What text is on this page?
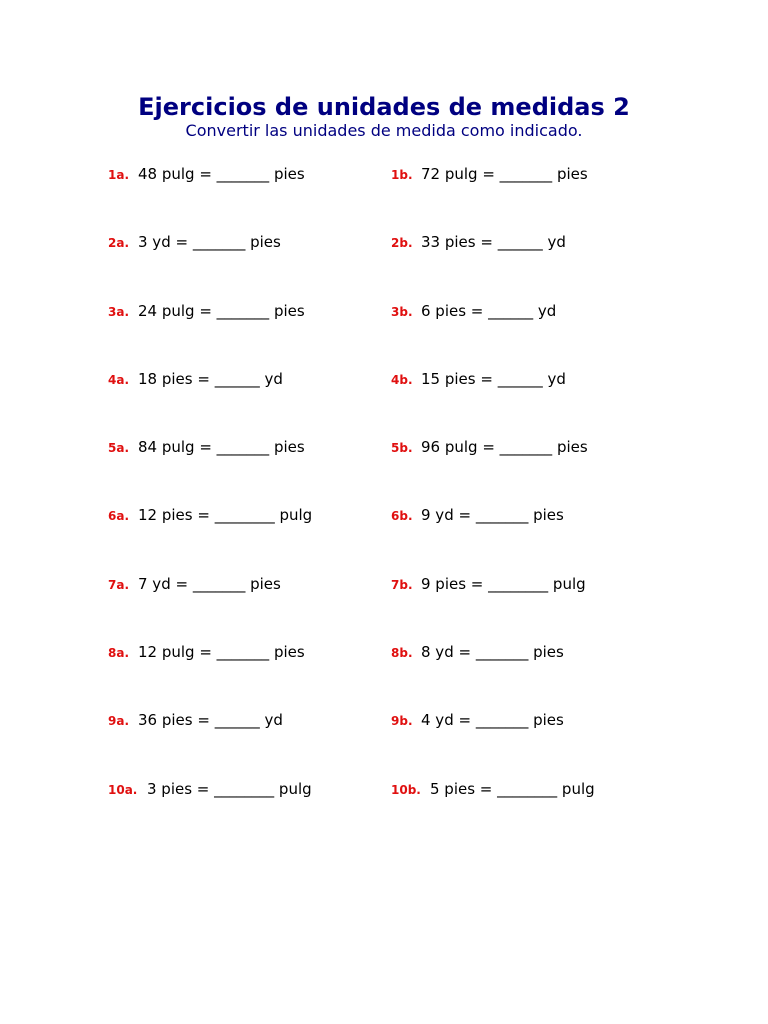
Ejercicios de unidades de medidas 2
Convertir las unidades de medida como indicado.
1a. 48 pulg = _______ pies	1b. 72 pulg = _______ pies
2a. 3 yd = _______ pies	2b. 33 pies = ______ yd
3a. 24 pulg = _______ pies	3b. 6 pies = ______ yd
4a. 18 pies = ______ yd	4b. 15 pies = ______ yd
5a. 84 pulg = _______ pies	5b. 96 pulg = _______ pies
6a. 12 pies = ________ pulg	6b. 9 yd = _______ pies
7a. 7 yd = _______ pies	7b. 9 pies = ________ pulg
8a. 12 pulg = _______ pies	8b. 8 yd = _______ pies
9a. 36 pies = ______ yd	9b. 4 yd = _______ pies
10a. 3 pies = ________ pulg	10b. 5 pies = ________ pulg
